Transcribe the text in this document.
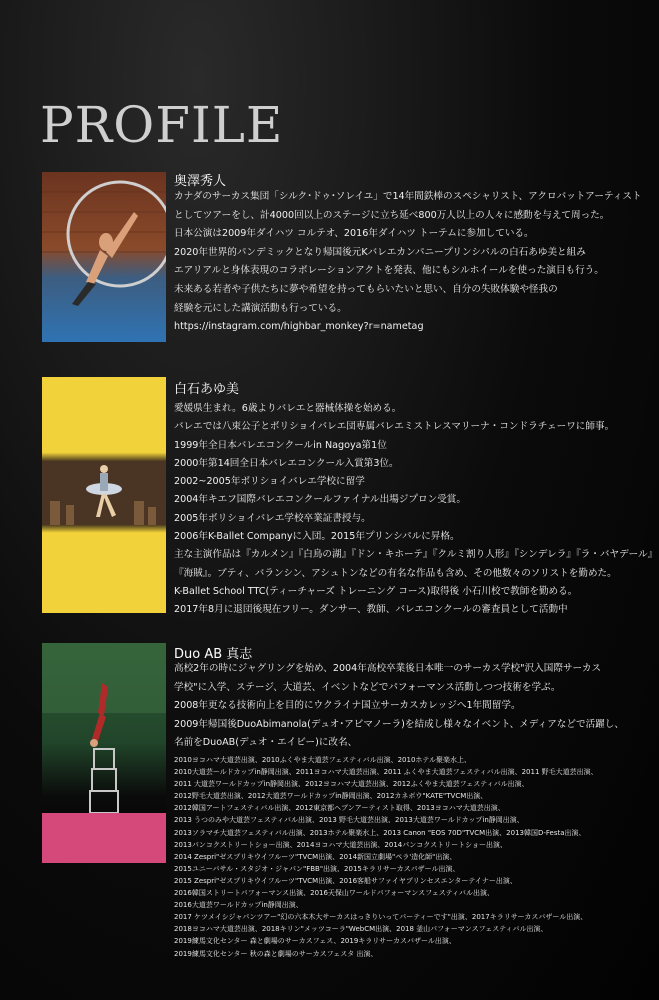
PROFILE
奥澤秀人
カナダのサーカス集団「シルク･ドゥ･ソレイユ」で14年間鉄棒のスペシャリスト、アクロバットアーティスト
としてツアーをし、計4000回以上のステージに立ち延べ800万人以上の人々に感動を与えて周った。
日本公演は2009年ダイハツ コルテオ、2016年ダイハツ トーテムに参加している。
2020年世界的パンデミックとなり帰国後元Kバレエカンパニープリンシパルの白石あゆ美と組み
エアリアルと身体表現のコラボレーションアクトを発表、他にもシルホイールを使った演目も行う。
未来ある若者や子供たちに夢や希望を持ってもらいたいと思い、自分の失敗体験や怪我の
経験を元にした講演活動も行っている。
https://instagram.com/highbar_monkey?r=nametag
白石あゆ美
愛媛県生まれ。6歳よりバレエと器械体操を始める。
バレエでは八束公子とボリショイバレエ団専属バレエミストレスマリーナ・コンドラチェーワに師事。
1999年全日本バレエコンクールin Nagoya第1位
2000年第14回全日本バレエコンクール入賞第3位。
2002~2005年ボリショイバレエ学校に留学
2004年キエフ国際バレエコンクールファイナル出場ジプロン受賞。
2005年ボリショイバレエ学校卒業証書授与。
2006年K-Ballet Companyに入団。2015年プリンシパルに昇格。
主な主演作品は『カルメン』『白鳥の湖』『ドン・キホーテ』『クルミ割り人形』『シンデレラ』『ラ・バヤデール』
『海賊』。ブティ、バランシン、アシュトンなどの有名な作品も含め、その他数々のソリストを勤めた。
K-Ballet School TTC(ティーチャーズ トレーニング コース)取得後 小石川校で教師を勤める。
2017年8月に退団後現在フリー。ダンサー、教師、バレエコンクールの審査員として活動中
Duo AB 真志
高校2年の時にジャグリングを始め、2004年高校卒業後日本唯一のサーカス学校"沢入国際サーカス
学校"に入学、ステージ、大道芸、イベントなどでパフォーマンス活動しつつ技術を学ぶ。
2008年更なる技術向上を目的にウクライナ国立サーカスカレッジへ1年間留学。
2009年帰国後DuoAbimanola(デュオ･アビマノーラ)を結成し様々なイベント、メディアなどで活躍し、
名前をDuoAB(デュオ・エイビー)に改名、
2010ヨコハマ大道芸出演、2010ふくやま大道芸フェスティバル出演、2010ホテル聚楽水上、
2010大道芸ールドカップin静岡出演、2011ヨコハマ大道芸出演、2011 ふくやま大道芸フェスティバル出演、2011 野毛大道芸出演、
2011 大道芸ワールドカップin静岡出演、2012ヨコハマ大道芸出演、2012ふくやま大道芸フェスティバル出演、
2012野毛大道芸出演、2012大道芸ワールドカップin静岡出演、2012カネボウ"KATE"TVCM出演、
2012韓国アートフェスティバル出演、2012東京都ヘブンアーティスト取得、2013ヨコハマ大道芸出演、
2013 うつのみや大道芸フェスティバル出演、2013 野毛大道芸出演、2013大道芸ワールドカップin静岡出演、
2013ソラマチ大道芸フェスティバル出演、2013ホテル聚楽水上、2013 Canon "EOS 70D"TVCM出演、2013韓国D-Festa出演、
2013パンコクストリートショー出演、2014ヨコハマ大道芸出演、2014パンコクストリートショー出演、
2014 Zespri"ゼスプリキウイフルーツ"TVCM出演、2014新国立劇場"ペラ'造化師"出演、
2015ユニーバサル・スタジオ・ジャパン"FBB"出演、2015キラリサーカスパザール出演、
2015 Zespri"ゼスプリキウイフルーツ"TVCM出演、2016客船サファイヤプリンセスエンターテイナー出演、
2016韓国ストリートパフォーマンス出演、2016天保山ワールドパフォーマンスフェスティバル出演、
2016大道芸ワールドカップin静岡出演、
2017 ケツメイシジャパンツアー"幻の六本木大サーカスはっきりいってパーティーです"出演、2017キラリサーカスバザール出演、
2018ヨコハマ大道芸出演、2018キリン"メッツコーラ"WebCM出演、2018 釜山パフォーマンスフェスティバル出演、
2019練馬文化センター 森と劇場のサーカスフェス、2019キラリサーカスバザール出演、
2019練馬文化センター 秋の森と劇場のサーカスフェスタ 出演、
